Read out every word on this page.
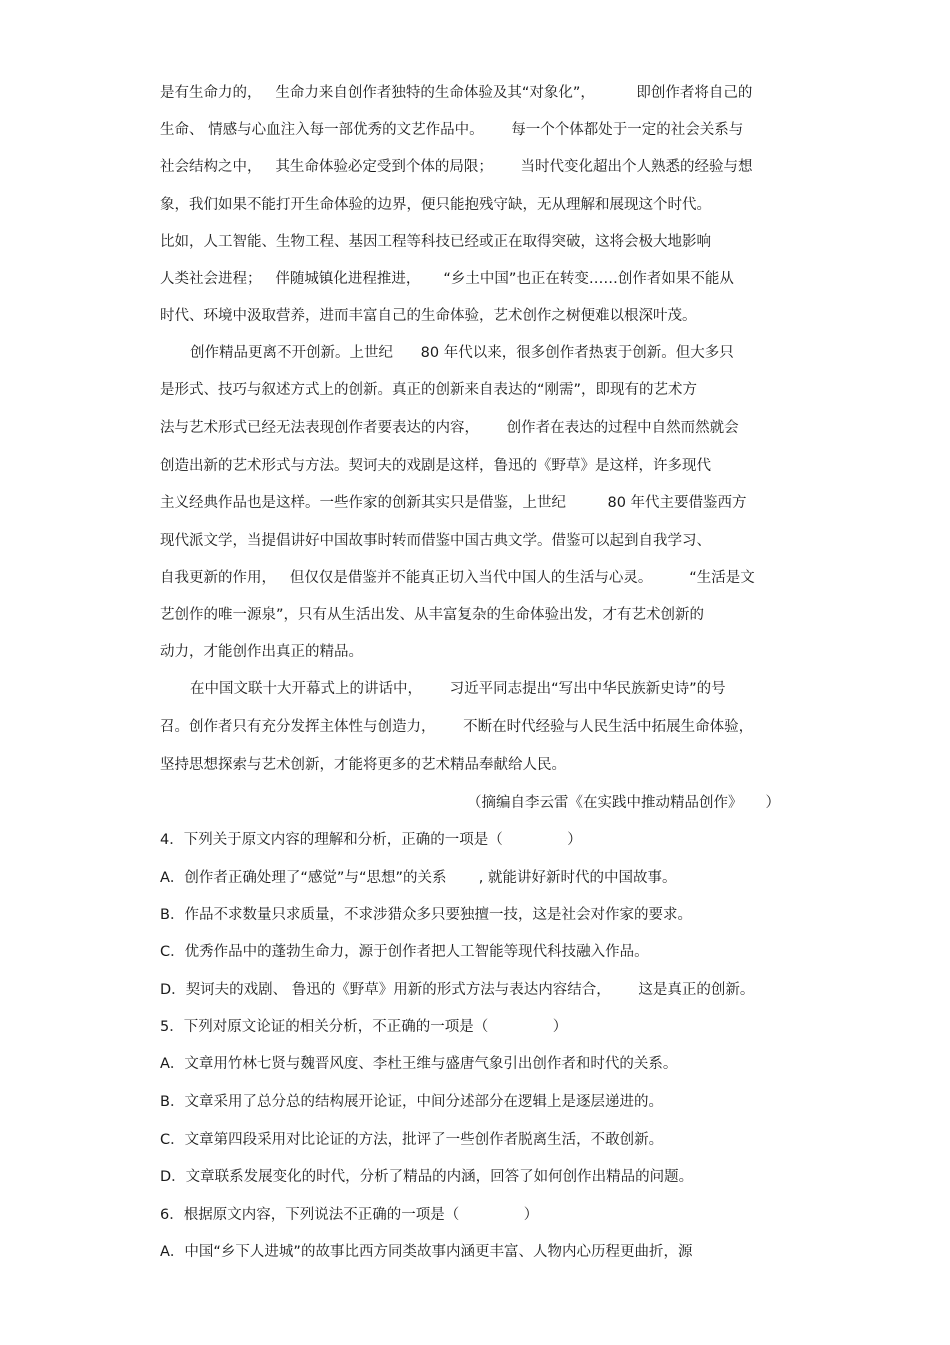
是有生命力的，   生命力来自创作者独特的生命体验及其“对象化”，         即创作者将自己的
生命、 情感与心血注入每一部优秀的文艺作品中。      每一个个体都处于一定的社会关系与
社会结构之中，   其生命体验必定受到个体的局限；      当时代变化超出个人熟悉的经验与想
象，我们如果不能打开生命体验的边界，便只能抱残守缺，无从理解和展现这个时代。
比如，人工智能、生物工程、基因工程等科技已经或正在取得突破，这将会极大地影响
人类社会进程；   伴随城镇化进程推进，     “乡土中国”也正在转变……创作者如果不能从
时代、环境中汲取营养，进而丰富自己的生命体验，艺术创作之树便难以根深叶茂。
创作精品更离不开创新。上世纪      80 年代以来，很多创作者热衷于创新。但大多只
是形式、技巧与叙述方式上的创新。真正的创新来自表达的“刚需”，即现有的艺术方
法与艺术形式已经无法表现创作者要表达的内容，      创作者在表达的过程中自然而然就会
创造出新的艺术形式与方法。契诃夫的戏剧是这样，鲁迅的《野草》是这样，许多现代
主义经典作品也是这样。一些作家的创新其实只是借鉴，上世纪         80 年代主要借鉴西方
现代派文学，当提倡讲好中国故事时转而借鉴中国古典文学。借鉴可以起到自我学习、
自我更新的作用，   但仅仅是借鉴并不能真正切入当代中国人的生活与心灵。        “生活是文
艺创作的唯一源泉”，只有从生活出发、从丰富复杂的生命体验出发，才有艺术创新的
动力，才能创作出真正的精品。
在中国文联十大开幕式上的讲话中，      习近平同志提出“写出中华民族新史诗”的号
召。创作者只有充分发挥主体性与创造力，      不断在时代经验与人民生活中拓展生命体验，
坚持思想探索与艺术创新，才能将更多的艺术精品奉献给人民。
（摘编自李云雷《在实践中推动精品创作》     ）
4．下列关于原文内容的理解和分析，正确的一项是（              ）
A．创作者正确处理了“感觉”与“思想”的关系       , 就能讲好新时代的中国故事。
B．作品不求数量只求质量，不求涉猎众多只要独擅一技，这是社会对作家的要求。
C．优秀作品中的蓬勃生命力，源于创作者把人工智能等现代科技融入作品。
D．契诃夫的戏剧、 鲁迅的《野草》用新的形式方法与表达内容结合，      这是真正的创新。
5．下列对原文论证的相关分析，不正确的一项是（              ）
A．文章用竹林七贤与魏晋风度、李杜王维与盛唐气象引出创作者和时代的关系。
B．文章采用了总分总的结构展开论证，中间分述部分在逻辑上是逐层递进的。
C．文章第四段采用对比论证的方法，批评了一些创作者脱离生活，不敢创新。
D．文章联系发展变化的时代，分析了精品的内涵，回答了如何创作出精品的问题。
6．根据原文内容，下列说法不正确的一项是（              ）
A．中国“乡下人进城”的故事比西方同类故事内涵更丰富、人物内心历程更曲折，源
